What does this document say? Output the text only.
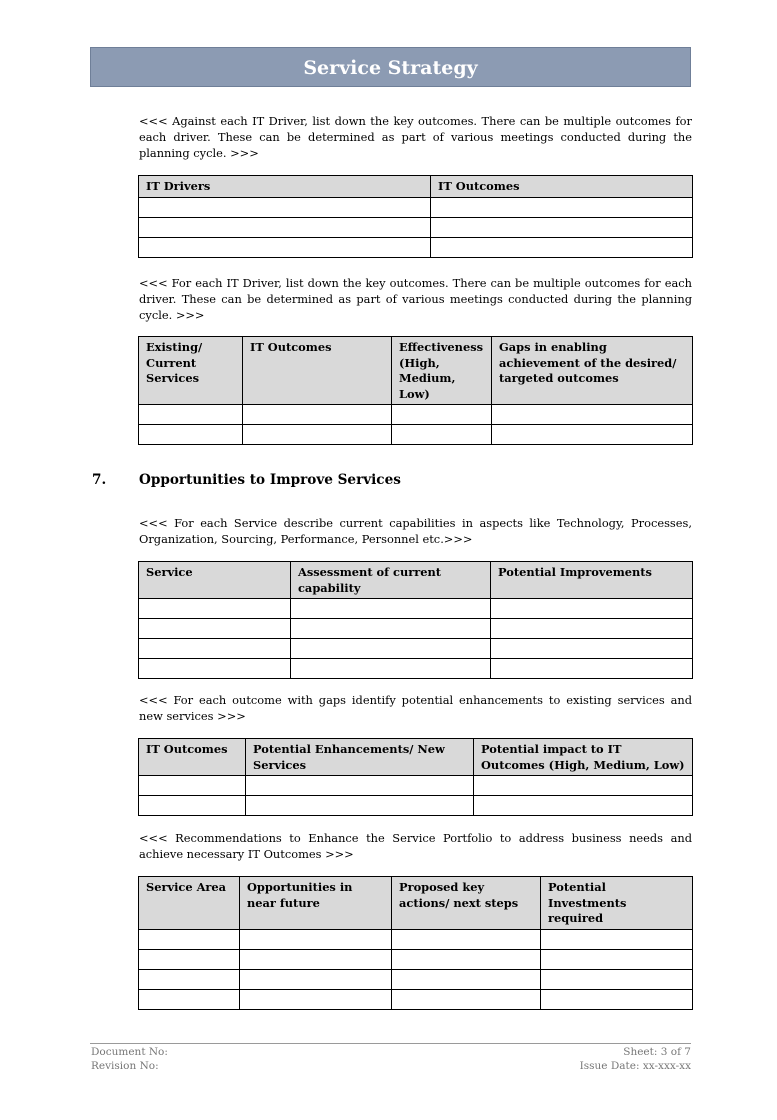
Service Strategy

<<< Against each IT Driver, list down the key outcomes. There can be multiple outcomes for each driver. These can be determined as part of various meetings conducted during the planning cycle. >>>

IT Drivers	IT Outcomes

<<< For each IT Driver, list down the key outcomes. There can be multiple outcomes for each driver. These can be determined as part of various meetings conducted during the planning cycle. >>>

Existing/ Current Services	IT Outcomes	Effectiveness (High, Medium, Low)	Gaps in enabling achievement of the desired/ targeted outcomes

7. Opportunities to Improve Services

<<< For each Service describe current capabilities in aspects like Technology, Processes, Organization, Sourcing, Performance, Personnel etc.>>>

Service	Assessment of current capability	Potential Improvements

<<< For each outcome with gaps identify potential enhancements to existing services and new services >>>

IT Outcomes	Potential Enhancements/ New Services	Potential impact to IT Outcomes (High, Medium, Low)

<<< Recommendations to Enhance the Service Portfolio to address business needs and achieve necessary IT Outcomes >>>

Service Area	Opportunities in near future	Proposed key actions/ next steps	Potential Investments required

Document No:
Revision No:
Sheet: 3 of 7
Issue Date: xx-xxx-xx
